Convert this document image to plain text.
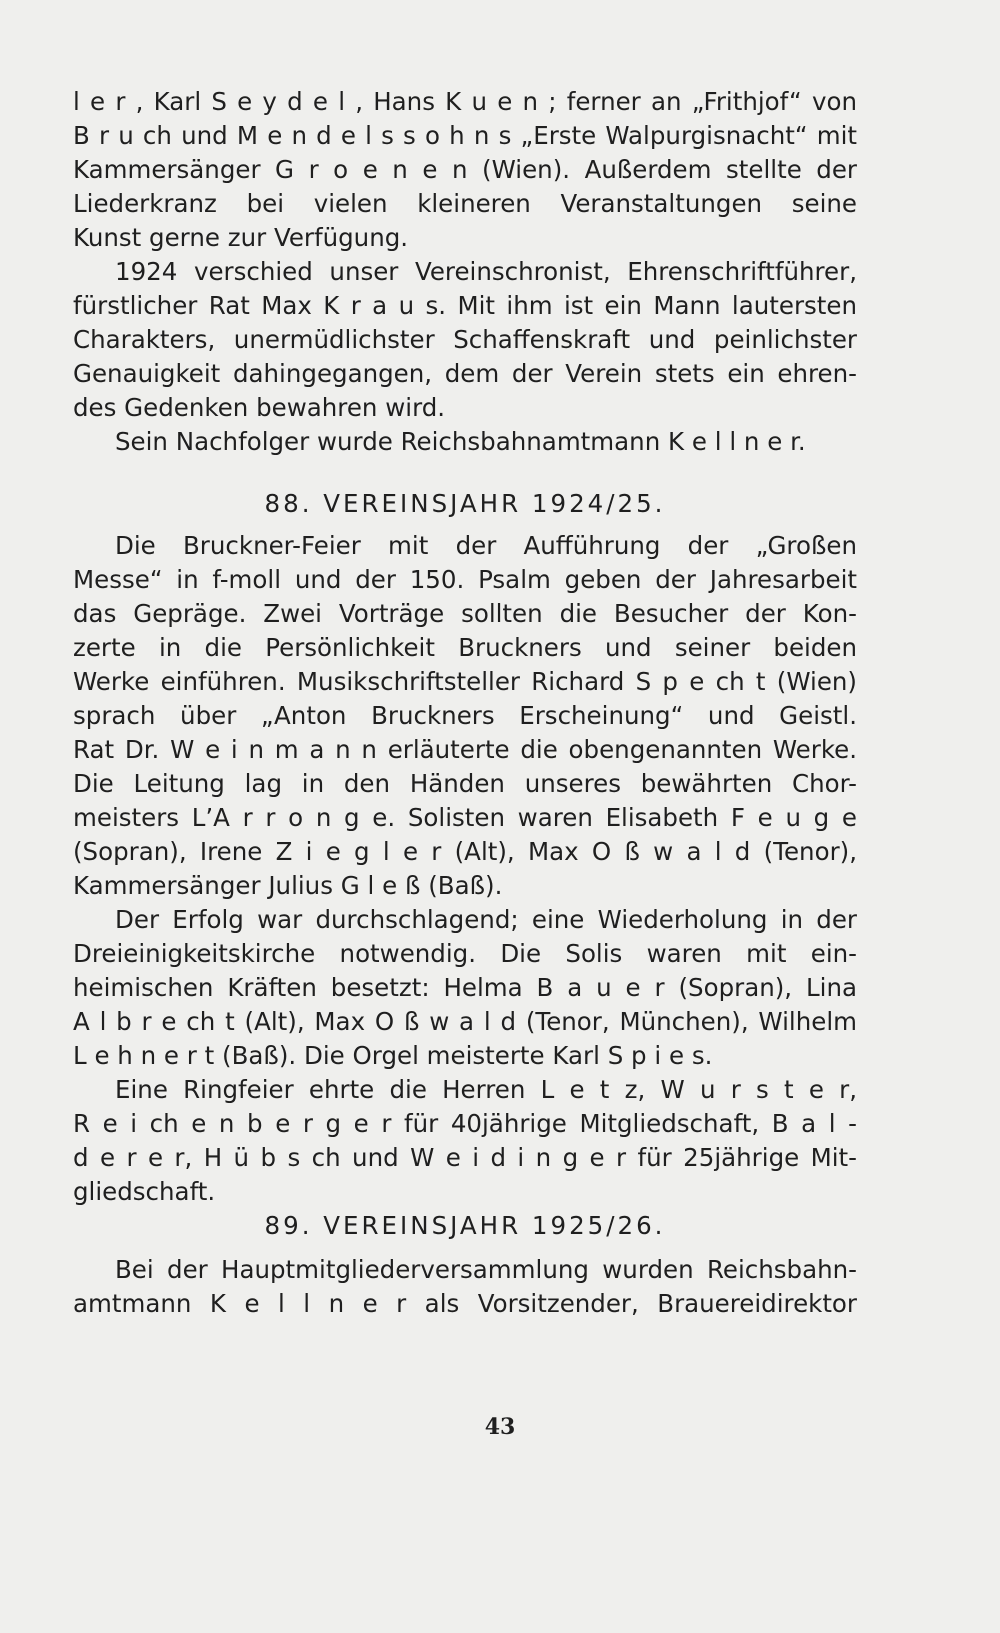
l e r , Karl S e y d e l , Hans K u e n ; ferner an „Frithjof“ von

B r u ch und M e n d e l s s o h n s „Erste Walpurgisnacht“ mit

Kammersänger G r o e n e n (Wien). Außerdem stellte der

Liederkranz bei vielen kleineren Veranstaltungen seine

Kunst gerne zur Verfügung.

1924 verschied unser Vereinschronist, Ehrenschriftführer,

fürstlicher Rat Max K r a u s. Mit ihm ist ein Mann lautersten

Charakters, unermüdlichster Schaffenskraft und peinlichster

Genauigkeit dahingegangen, dem der Verein stets ein ehren-

des Gedenken bewahren wird.

Sein Nachfolger wurde Reichsbahnamtmann K e l l n e r.

88. VEREINSJAHR 1924/25.

Die Bruckner-Feier mit der Aufführung der „Großen

Messe“ in f-moll und der 150. Psalm geben der Jahresarbeit

das Gepräge. Zwei Vorträge sollten die Besucher der Kon-

zerte in die Persönlichkeit Bruckners und seiner beiden

Werke einführen. Musikschriftsteller Richard S p e ch t (Wien)

sprach über „Anton Bruckners Erscheinung“ und Geistl.

Rat Dr. W e i n m a n n erläuterte die obengenannten Werke.

Die Leitung lag in den Händen unseres bewährten Chor-

meisters L’A r r o n g e. Solisten waren Elisabeth F e u g e

(Sopran), Irene Z i e g l e r (Alt), Max O ß w a l d (Tenor),

Kammersänger Julius G l e ß (Baß).

Der Erfolg war durchschlagend; eine Wiederholung in der

Dreieinigkeitskirche notwendig. Die Solis waren mit ein-

heimischen Kräften besetzt: Helma B a u e r (Sopran), Lina

A l b r e ch t (Alt), Max O ß w a l d (Tenor, München), Wilhelm

L e h n e r t (Baß). Die Orgel meisterte Karl S p i e s.

Eine Ringfeier ehrte die Herren L e t z, W u r s t e r,

R e i ch e n b e r g e r für 40jährige Mitgliedschaft, B a l -

d e r e r, H ü b s ch und W e i d i n g e r für 25jährige Mit-

gliedschaft.

89. VEREINSJAHR 1925/26.

Bei der Hauptmitgliederversammlung wurden Reichsbahn-

amtmann K e l l n e r als Vorsitzender, Brauereidirektor

43
